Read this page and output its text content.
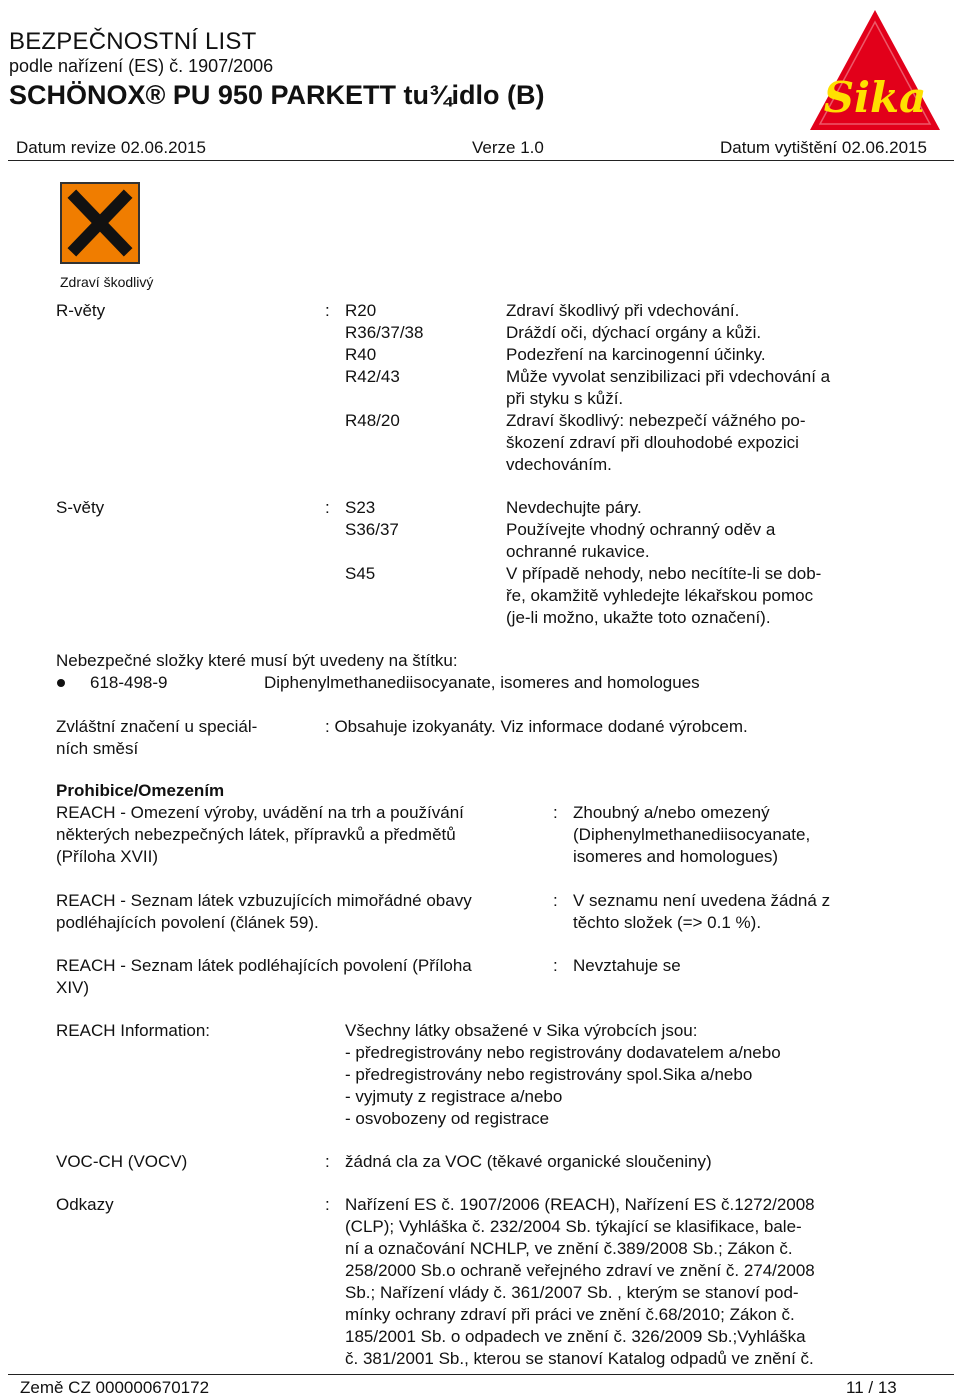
BEZPEČNOSTNÍ LIST
podle nařízení (ES) č. 1907/2006
SCHÖNOX® PU 950 PARKETT tu¾idlo (B)	Sika
Datum revize 02.06.2015	Verze 1.0	Datum vytištění 02.06.2015
Zdraví škodlivý
R-věty	: R20	Zdraví škodlivý při vdechování.
R36/37/38	Dráždí oči, dýchací orgány a kůži.
R40	Podezření na karcinogenní účinky.
R42/43	Může vyvolat senzibilizaci při vdechování a
při styku s kůží.
R48/20	Zdraví škodlivý: nebezpečí vážného po-
škození zdraví při dlouhodobé expozici
vdechováním.
S-věty	: S23	Nevdechujte páry.
S36/37	Používejte vhodný ochranný oděv a
ochranné rukavice.
S45	V případě nehody, nebo necítíte-li se dob-
ře, okamžitě vyhledejte lékařskou pomoc
(je-li možno, ukažte toto označení).
Nebezpečné složky které musí být uvedeny na štítku:
618-498-9	Diphenylmethanediisocyanate, isomeres and homologues
Zvláštní značení u speciál-
ních směsí
: Obsahuje izokyanáty. Viz informace dodané výrobcem.
Prohibice/Omezením
REACH - Omezení výroby, uvádění na trh a používání
některých nebezpečných látek, přípravků a předmětů
(Příloha XVII)
: Zhoubný a/nebo omezený
(Diphenylmethanediisocyanate,
isomeres and homologues)
REACH - Seznam látek vzbuzujících mimořádné obavy
podléhajících povolení (článek 59).
: V seznamu není uvedena žádná z
těchto složek (=> 0.1 %).
REACH - Seznam látek podléhajících povolení (Příloha
XIV)
: Nevztahuje se
REACH Information:	Všechny látky obsažené v Sika výrobcích jsou:
- předregistrovány nebo registrovány dodavatelem a/nebo
- předregistrovány nebo registrovány spol.Sika a/nebo
- vyjmuty z registrace a/nebo
- osvobozeny od registrace
VOC-CH (VOCV)	: žádná cla za VOC (těkavé organické sloučeniny)
Odkazy	: Nařízení ES č. 1907/2006 (REACH), Nařízení ES č.1272/2008
(CLP); Vyhláška č. 232/2004 Sb. týkající se klasifikace, bale-
ní a označování NCHLP, ve znění č.389/2008 Sb.; Zákon č.
258/2000 Sb.o ochraně veřejného zdraví ve znění č. 274/2008
Sb.; Nařízení vlády č. 361/2007 Sb. , kterým se stanoví pod-
mínky ochrany zdraví při práci ve znění č.68/2010; Zákon č.
185/2001 Sb. o odpadech ve znění č. 326/2009 Sb.;Vyhláška
č. 381/2001 Sb., kterou se stanoví Katalog odpadů ve znění č.
Země CZ 000000670172	11 / 13
